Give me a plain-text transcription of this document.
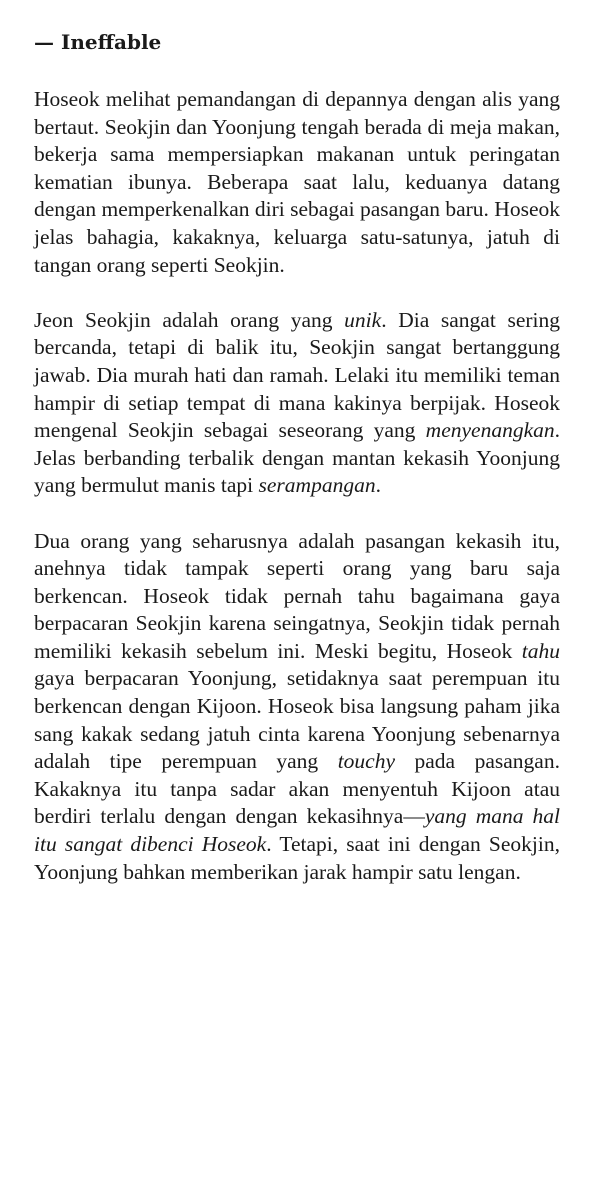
— Ineffable

Hoseok melihat pemandangan di depannya dengan alis yang bertaut. Seokjin dan Yoonjung tengah berada di meja makan, bekerja sama mempersiapkan makanan untuk peringatan kematian ibunya. Beberapa saat lalu, keduanya datang dengan memperkenalkan diri sebagai pasangan baru. Hoseok jelas bahagia, kakaknya, keluarga satu-satunya, jatuh di tangan orang seperti Seokjin.

Jeon Seokjin adalah orang yang unik. Dia sangat sering bercanda, tetapi di balik itu, Seokjin sangat bertanggung jawab. Dia murah hati dan ramah. Lelaki itu memiliki teman hampir di setiap tempat di mana kakinya berpijak. Hoseok mengenal Seokjin sebagai seseorang yang menyenangkan. Jelas berbanding terbalik dengan mantan kekasih Yoonjung yang bermulut manis tapi serampangan.

Dua orang yang seharusnya adalah pasangan kekasih itu, anehnya tidak tampak seperti orang yang baru saja berkencan. Hoseok tidak pernah tahu bagaimana gaya berpacaran Seokjin karena seingatnya, Seokjin tidak pernah memiliki kekasih sebelum ini. Meski begitu, Hoseok tahu gaya berpacaran Yoonjung, setidaknya saat perempuan itu berkencan dengan Kijoon. Hoseok bisa langsung paham jika sang kakak sedang jatuh cinta karena Yoonjung sebenarnya adalah tipe perempuan yang touchy pada pasangan. Kakaknya itu tanpa sadar akan menyentuh Kijoon atau berdiri terlalu dengan dengan kekasihnya—yang mana hal itu sangat dibenci Hoseok. Tetapi, saat ini dengan Seokjin, Yoonjung bahkan memberikan jarak hampir satu lengan.
